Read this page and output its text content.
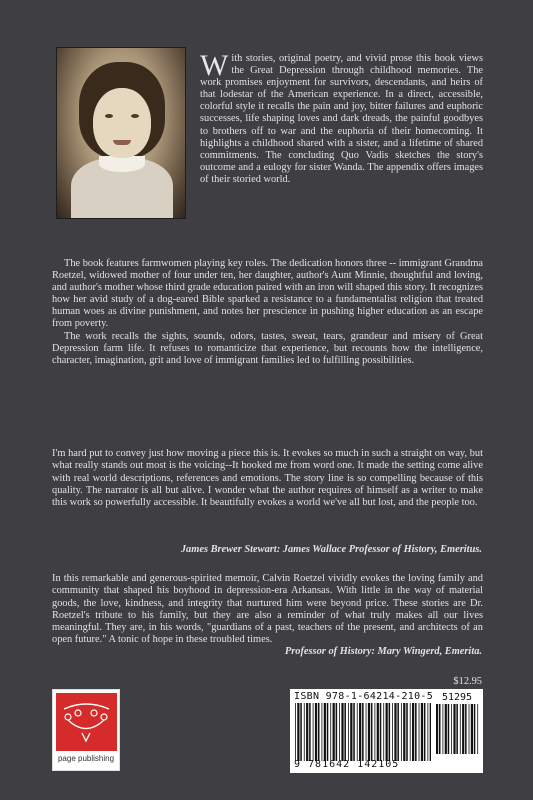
With stories, original poetry, and vivid prose this book views the Great Depression through childhood memories. The work promises enjoyment for survivors, descendants, and heirs of that lodestar of the American experience. In a direct, accessible, colorful style it recalls the pain and joy, bitter failures and euphoric successes, life shaping loves and dark dreads, the painful goodbyes to brothers off to war and the euphoria of their homecoming. It highlights a childhood shared with a sister, and a lifetime of shared commitments. The concluding Quo Vadis sketches the story's outcome and a eulogy for sister Wanda. The appendix offers images of their storied world.

The book features farmwomen playing key roles. The dedication honors three -- immigrant Grandma Roetzel, widowed mother of four under ten, her daughter, author's Aunt Minnie, thoughtful and loving, and author's mother whose third grade education paired with an iron will shaped this story. It recognizes how her avid study of a dog-eared Bible sparked a resistance to a fundamentalist religion that treated human woes as divine punishment, and notes her prescience in pushing higher education as an escape from poverty.

The work recalls the sights, sounds, odors, tastes, sweat, tears, grandeur and misery of Great Depression farm life. It refuses to romanticize that experience, but recounts how the intelligence, character, imagination, grit and love of immigrant families led to fulfilling possibilities.

I'm hard put to convey just how moving a piece this is. It evokes so much in such a straight on way, but what really stands out most is the voicing--It hooked me from word one. It made the setting come alive with real world descriptions, references and emotions. The story line is so compelling because of this quality. The narrator is all but alive. I wonder what the author requires of himself as a writer to make this work so powerfully accessible. It beautifully evokes a world we've all but lost, and the people too.

James Brewer Stewart: James Wallace Professor of History, Emeritus.

In this remarkable and generous-spirited memoir, Calvin Roetzel vividly evokes the loving family and community that shaped his boyhood in depression-era Arkansas. With little in the way of material goods, the love, kindness, and integrity that nurtured him were beyond price. These stories are Dr. Roetzel's tribute to his family, but they are also a reminder of what truly makes all our lives meaningful. They are, in his words, "guardians of a past, teachers of the present, and architects of an open future." A tonic of hope in these troubled times.

Professor of History: Mary Wingerd, Emerita.

page publishing

$12.95

ISBN 978-1-64214-210-5 51295
9 781642 142105
